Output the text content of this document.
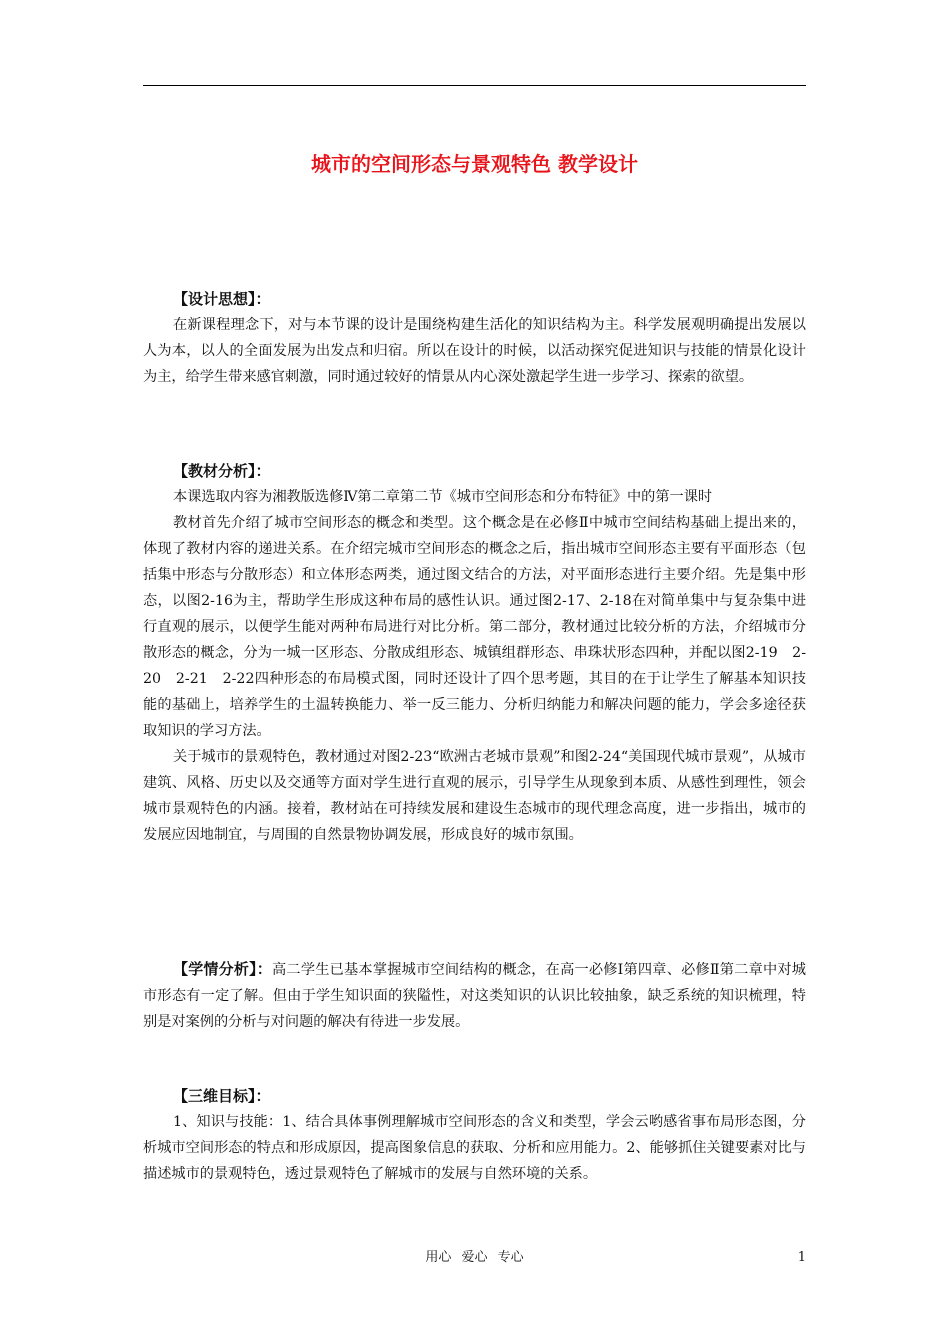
城市的空间形态与景观特色 教学设计

【设计思想】：

在新课程理念下，对与本节课的设计是围绕构建生活化的知识结构为主。科学发展观明确提出发展以人为本，以人的全面发展为出发点和归宿。所以在设计的时候，以活动探究促进知识与技能的情景化设计为主，给学生带来感官刺激，同时通过较好的情景从内心深处激起学生进一步学习、探索的欲望。

【教材分析】：

本课选取内容为湘教版选修Ⅳ第二章第二节《城市空间形态和分布特征》中的第一课时

教材首先介绍了城市空间形态的概念和类型。这个概念是在必修Ⅱ中城市空间结构基础上提出来的，体现了教材内容的递进关系。在介绍完城市空间形态的概念之后，指出城市空间形态主要有平面形态（包括集中形态与分散形态）和立体形态两类，通过图文结合的方法，对平面形态进行主要介绍。先是集中形态，以图2-16为主，帮助学生形成这种布局的感性认识。通过图2-17、2-18在对简单集中与复杂集中进行直观的展示，以便学生能对两种布局进行对比分析。第二部分，教材通过比较分析的方法，介绍城市分散形态的概念，分为一城一区形态、分散成组形态、城镇组群形态、串珠状形态四种，并配以图2-19　2-20　2-21　2-22四种形态的布局模式图，同时还设计了四个思考题，其目的在于让学生了解基本知识技能的基础上，培养学生的土温转换能力、举一反三能力、分析归纳能力和解决问题的能力，学会多途径获取知识的学习方法。

关于城市的景观特色，教材通过对图2-23“欧洲古老城市景观”和图2-24“美国现代城市景观”，从城市建筑、风格、历史以及交通等方面对学生进行直观的展示，引导学生从现象到本质、从感性到理性，领会城市景观特色的内涵。接着，教材站在可持续发展和建设生态城市的现代理念高度，进一步指出，城市的发展应因地制宜，与周围的自然景物协调发展，形成良好的城市氛围。

【学情分析】：高二学生已基本掌握城市空间结构的概念，在高一必修Ⅰ第四章、必修Ⅱ第二章中对城市形态有一定了解。但由于学生知识面的狭隘性，对这类知识的认识比较抽象，缺乏系统的知识梳理，特别是对案例的分析与对问题的解决有待进一步发展。

【三维目标】：

1、知识与技能：1、结合具体事例理解城市空间形态的含义和类型，学会云哟感省事布局形态图，分析城市空间形态的特点和形成原因，提高图象信息的获取、分析和应用能力。2、能够抓住关键要素对比与描述城市的景观特色，透过景观特色了解城市的发展与自然环境的关系。

用心 爱心 专心	1
